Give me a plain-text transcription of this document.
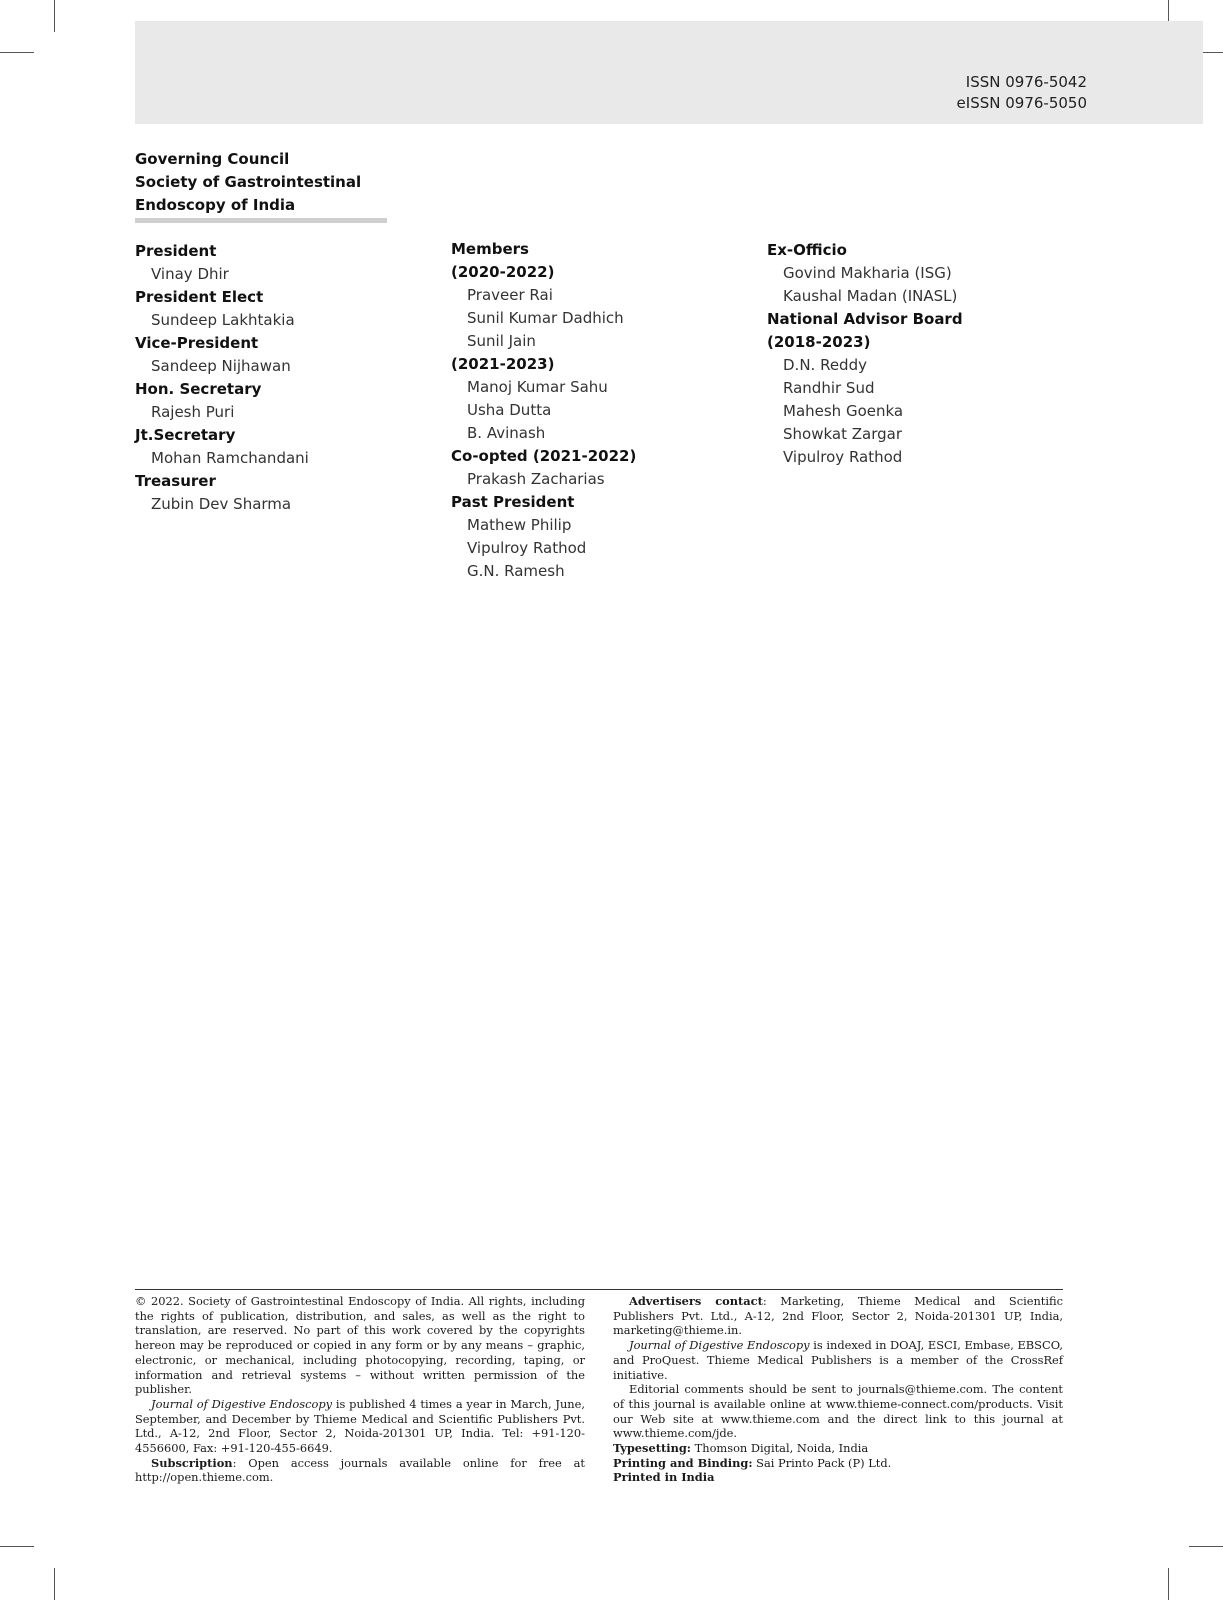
ISSN 0976-5042
eISSN 0976-5050
Governing Council
Society of Gastrointestinal
Endoscopy of India
President
Vinay Dhir
President Elect
Sundeep Lakhtakia
Vice-President
Sandeep Nijhawan
Hon. Secretary
Rajesh Puri
Jt.Secretary
Mohan Ramchandani
Treasurer
Zubin Dev Sharma
Members
(2020-2022)
Praveer Rai
Sunil Kumar Dadhich
Sunil Jain
(2021-2023)
Manoj Kumar Sahu
Usha Dutta
B. Avinash
Co-opted (2021-2022)
Prakash Zacharias
Past President
Mathew Philip
Vipulroy Rathod
G.N. Ramesh
Ex-Officio
Govind Makharia (ISG)
Kaushal Madan (INASL)
National Advisor Board
(2018-2023)
D.N. Reddy
Randhir Sud
Mahesh Goenka
Showkat Zargar
Vipulroy Rathod

© 2022. Society of Gastrointestinal Endoscopy of India. All rights, including the rights of publication, distribution, and sales, as well as the right to translation, are reserved. No part of this work covered by the copyrights hereon may be reproduced or copied in any form or by any means – graphic, electronic, or mechanical, including photocopying, recording, taping, or information and retrieval systems – without written permission of the publisher.

Journal of Digestive Endoscopy is published 4 times a year in March, June, September, and December by Thieme Medical and Scientific Publishers Pvt. Ltd., A-12, 2nd Floor, Sector 2, Noida-201301 UP, India. Tel: +91-120-4556600, Fax: +91-120-455-6649.

Subscription: Open access journals available online for free at http://open.thieme.com.

Advertisers contact: Marketing, Thieme Medical and Scientific Publishers Pvt. Ltd., A-12, 2nd Floor, Sector 2, Noida-201301 UP, India, marketing@thieme.in.

Journal of Digestive Endoscopy is indexed in DOAJ, ESCI, Embase, EBSCO, and ProQuest. Thieme Medical Publishers is a member of the CrossRef initiative.

Editorial comments should be sent to journals@thieme.com. The content of this journal is available online at www.thieme-connect.com/products. Visit our Web site at www.thieme.com and the direct link to this journal at www.thieme.com/jde.

Typesetting: Thomson Digital, Noida, India

Printing and Binding: Sai Printo Pack (P) Ltd.

Printed in India
